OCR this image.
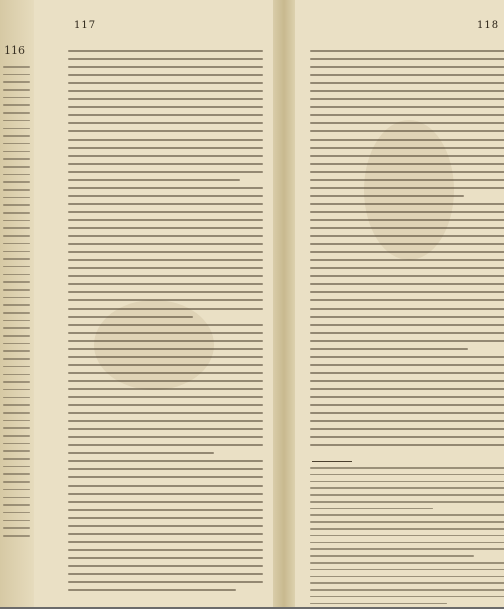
116
117	118
